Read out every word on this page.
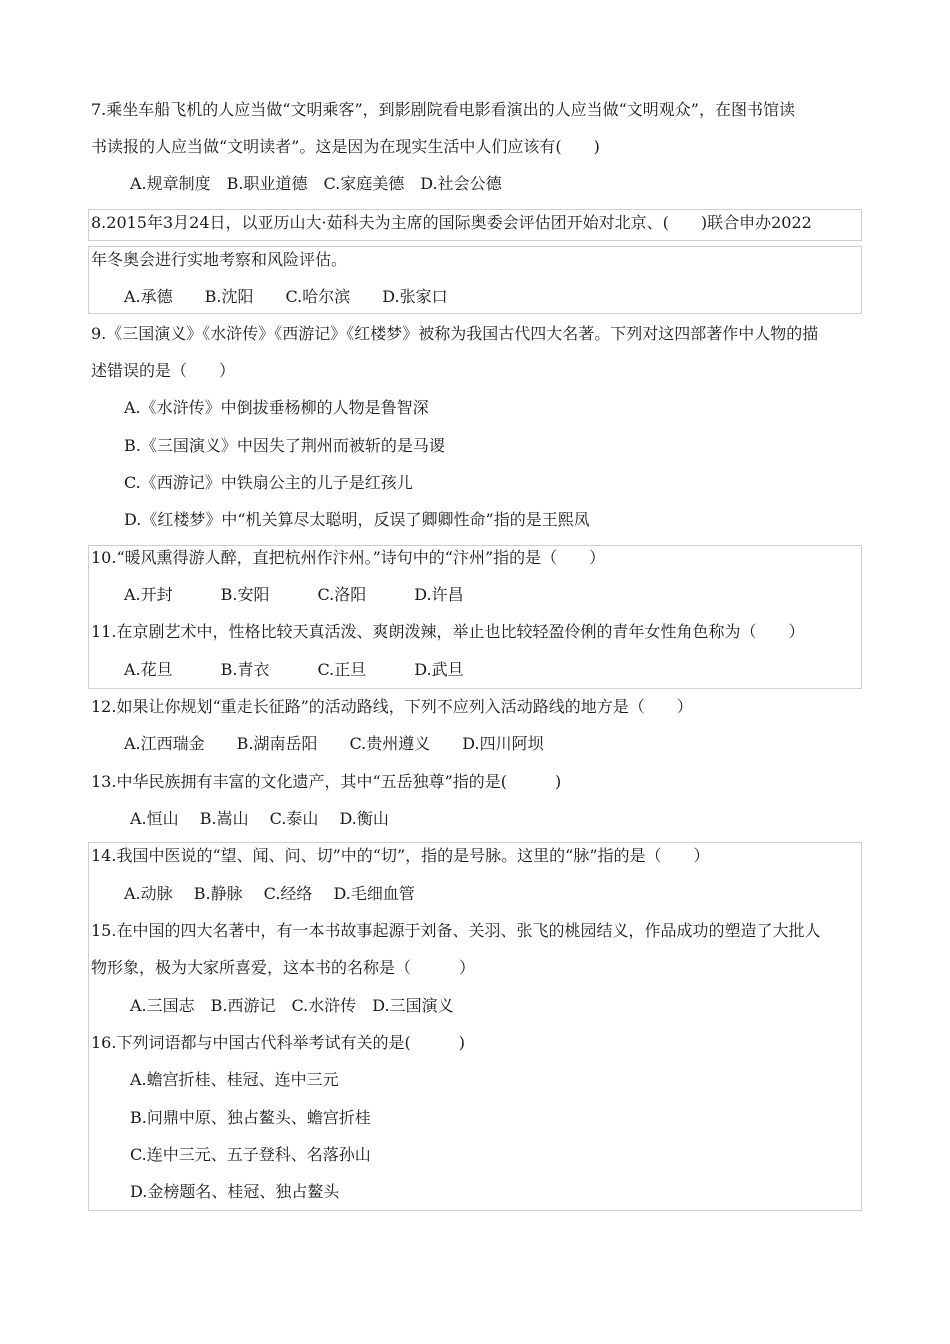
7.乘坐车船飞机的人应当做“文明乘客”，到影剧院看电影看演出的人应当做“文明观众”，在图书馆读
书读报的人应当做“文明读者”。这是因为在现实生活中人们应该有(　　)
A.规章制度　B.职业道德　C.家庭美德　D.社会公德
8.2015年3月24日，以亚历山大·茹科夫为主席的国际奥委会评估团开始对北京、(　　)联合申办2022
年冬奥会进行实地考察和风险评估。
A.承德　　B.沈阳　　C.哈尔滨　　D.张家口
9.《三国演义》《水浒传》《西游记》《红楼梦》被称为我国古代四大名著。下列对这四部著作中人物的描
述错误的是（　　）
A.《水浒传》中倒拔垂杨柳的人物是鲁智深
B.《三国演义》中因失了荆州而被斩的是马谡
C.《西游记》中铁扇公主的儿子是红孩儿
D.《红楼梦》中“机关算尽太聪明，反误了卿卿性命”指的是王熙凤
10.“暖风熏得游人醉，直把杭州作汴州。”诗句中的“汴州”指的是（　　）
A.开封　　　B.安阳　　　C.洛阳　　　D.许昌
11.在京剧艺术中，性格比较天真活泼、爽朗泼辣，举止也比较轻盈伶俐的青年女性角色称为（　　）
A.花旦　　　B.青衣　　　C.正旦　　　D.武旦
12.如果让你规划“重走长征路”的活动路线，下列不应列入活动路线的地方是（　　）
A.江西瑞金　　B.湖南岳阳　　C.贵州遵义　　D.四川阿坝
13.中华民族拥有丰富的文化遗产，其中“五岳独尊”指的是(　　　)
A.恒山　 B.嵩山　 C.泰山　 D.衡山
14.我国中医说的“望、闻、问、切”中的“切”，指的是号脉。这里的“脉”指的是（　　）
A.动脉　 B.静脉　 C.经络　 D.毛细血管
15.在中国的四大名著中，有一本书故事起源于刘备、关羽、张飞的桃园结义，作品成功的塑造了大批人
物形象，极为大家所喜爱，这本书的名称是（　　　）
A.三国志　B.西游记　C.水浒传　D.三国演义
16.下列词语都与中国古代科举考试有关的是(　　　)
A.蟾宫折桂、桂冠、连中三元
B.问鼎中原、独占鳌头、蟾宫折桂
C.连中三元、五子登科、名落孙山
D.金榜题名、桂冠、独占鳌头
